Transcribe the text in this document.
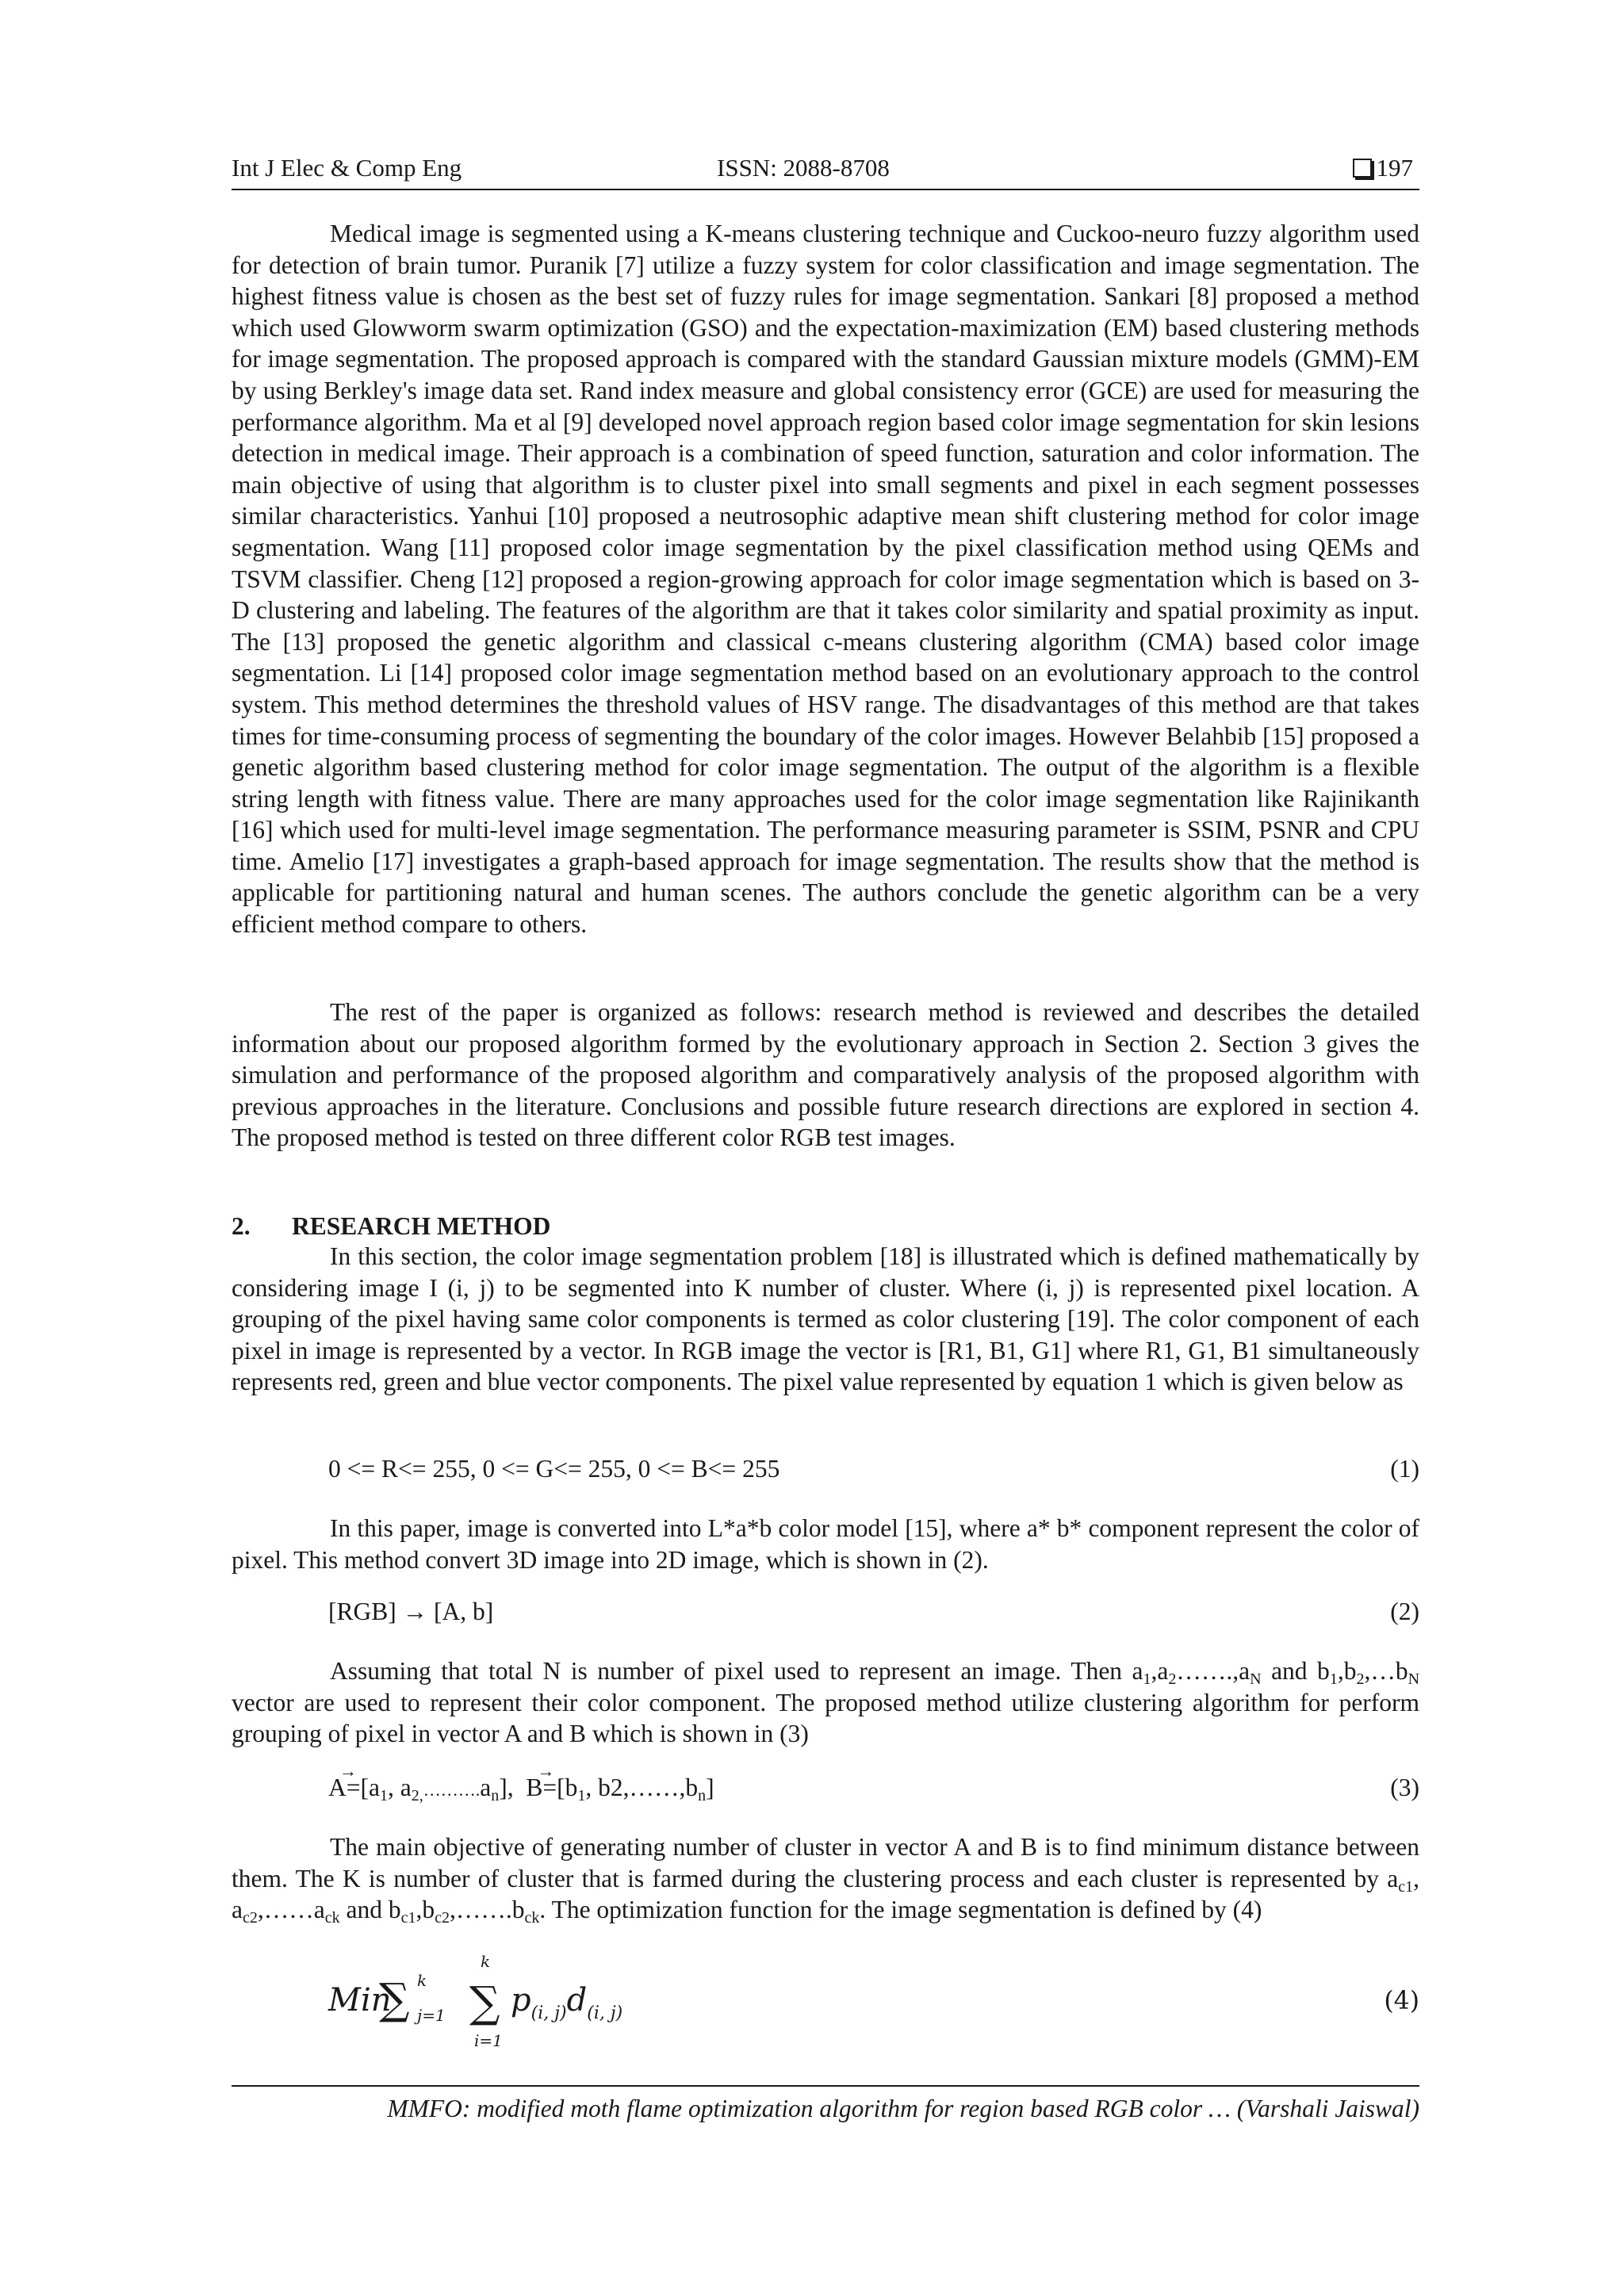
Int J Elec & Comp Eng	ISSN: 2088-8708	197

Medical image is segmented using a K-means clustering technique and Cuckoo-neuro fuzzy algorithm used for detection of brain tumor. Puranik [7] utilize a fuzzy system for color classification and image segmentation. The highest fitness value is chosen as the best set of fuzzy rules for image segmentation. Sankari [8] proposed a method which used Glowworm swarm optimization (GSO) and the expectation-maximization (EM) based clustering methods for image segmentation. The proposed approach is compared with the standard Gaussian mixture models (GMM)-EM by using Berkley's image data set. Rand index measure and global consistency error (GCE) are used for measuring the performance algorithm. Ma et al [9] developed novel approach region based color image segmentation for skin lesions detection in medical image. Their approach is a combination of speed function, saturation and color information. The main objective of using that algorithm is to cluster pixel into small segments and pixel in each segment possesses similar characteristics. Yanhui [10] proposed a neutrosophic adaptive mean shift clustering method for color image segmentation. Wang [11] proposed color image segmentation by the pixel classification method using QEMs and TSVM classifier. Cheng [12] proposed a region-growing approach for color image segmentation which is based on 3-D clustering and labeling. The features of the algorithm are that it takes color similarity and spatial proximity as input. The [13] proposed the genetic algorithm and classical c-means clustering algorithm (CMA) based color image segmentation. Li [14] proposed color image segmentation method based on an evolutionary approach to the control system. This method determines the threshold values of HSV range. The disadvantages of this method are that takes times for time-consuming process of segmenting the boundary of the color images. However Belahbib [15] proposed a genetic algorithm based clustering method for color image segmentation. The output of the algorithm is a flexible string length with fitness value. There are many approaches used for the color image segmentation like Rajinikanth [16] which used for multi-level image segmentation. The performance measuring parameter is SSIM, PSNR and CPU time. Amelio [17] investigates a graph-based approach for image segmentation. The results show that the method is applicable for partitioning natural and human scenes. The authors conclude the genetic algorithm can be a very efficient method compare to others.

The rest of the paper is organized as follows: research method is reviewed and describes the detailed information about our proposed algorithm formed by the evolutionary approach in Section 2. Section 3 gives the simulation and performance of the proposed algorithm and comparatively analysis of the proposed algorithm with previous approaches in the literature. Conclusions and possible future research directions are explored in section 4. The proposed method is tested on three different color RGB test images.

2. RESEARCH METHOD

In this section, the color image segmentation problem [18] is illustrated which is defined mathematically by considering image I (i, j) to be segmented into K number of cluster. Where (i, j) is represented pixel location. A grouping of the pixel having same color components is termed as color clustering [19]. The color component of each pixel in image is represented by a vector. In RGB image the vector is [R1, B1, G1] where R1, G1, B1 simultaneously represents red, green and blue vector components. The pixel value represented by equation 1 which is given below as

0 <= R<= 255, 0 <= G<= 255, 0 <= B<= 255	(1)

In this paper, image is converted into L*a*b color model [15], where a* b* component represent the color of pixel. This method convert 3D image into 2D image, which is shown in (2).

[RGB] → [A, b]	(2)

Assuming that total N is number of pixel used to represent an image. Then $a_1,a_2\dots\dots.,a_N$ and $b_1,b_2,\dots b_N$ vector are used to represent their color component. The proposed method utilize clustering algorithm for perform grouping of pixel in vector A and B which is shown in (3)

A
→
$=[a_1$, $a_{2,}\dots\dots\dots.a_n$],  B
→
$=[b_1$, $b2,\dots\dots,b_n$]	(3)

The main objective of generating number of cluster in vector A and B is to find minimum distance between them. The K is number of cluster that is farmed during the clustering process and each cluster is represented by $a_{c1}$, $a_{c2},\dots\dots a_{ck}$ and $b_{c1},b_{c2},\dots\dots.b_{ck}$. The optimization function for the image segmentation is defined by (4)

Min
∑ k
j=1 ∑
k
i=1
$p_{(i, j)}d_{(i, j)}$	(4)
MMFO: modified moth flame optimization algorithm for region based RGB color … (Varshali Jaiswal)
